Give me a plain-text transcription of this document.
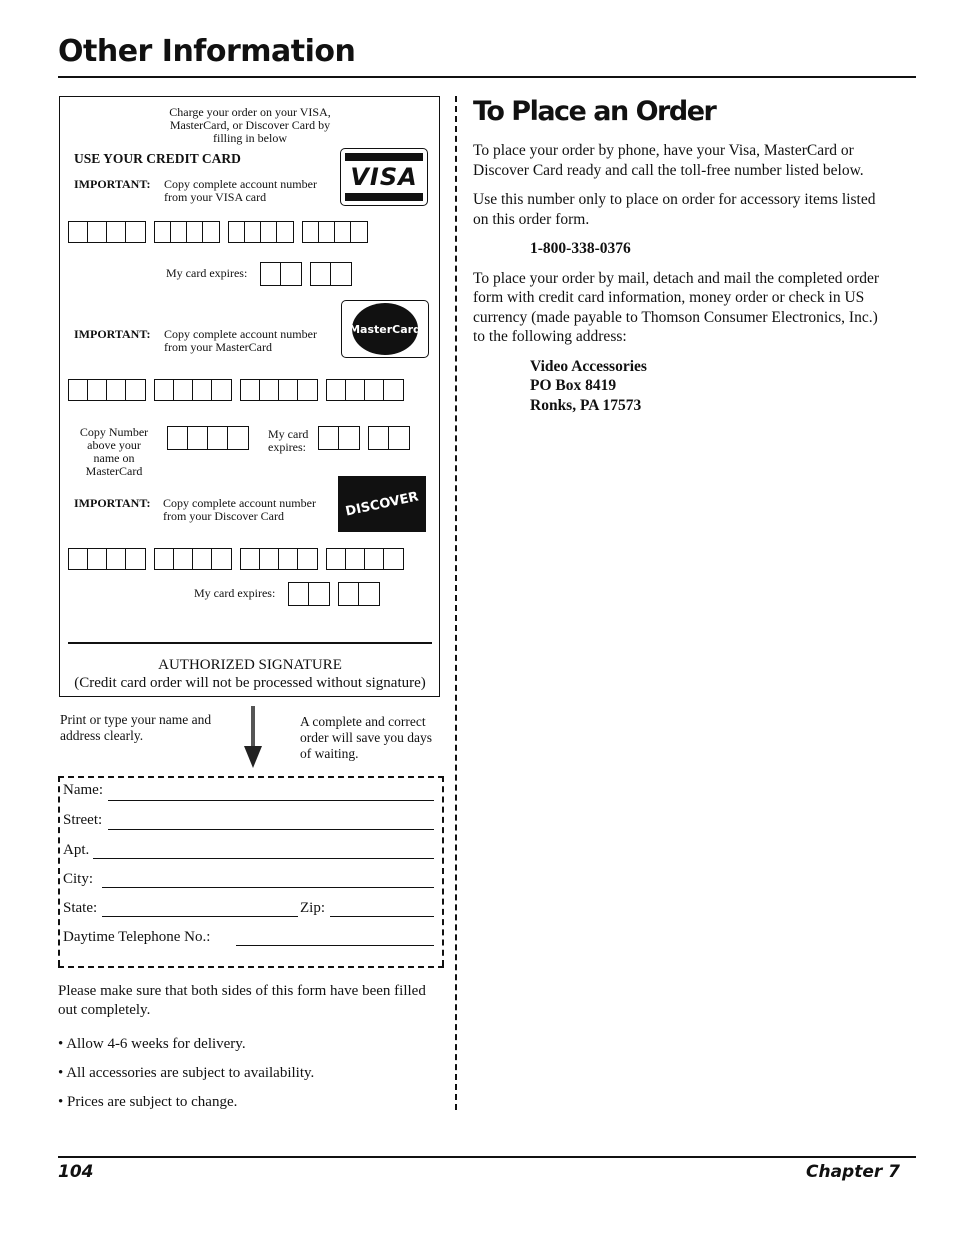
Other Information
Charge your order on your VISA,
MasterCard, or Discover Card by
filling in below
USE YOUR CREDIT CARD
IMPORTANT: Copy complete account number
from your VISA card
VISA
My card expires:
IMPORTANT: Copy complete account number
from your MasterCard
MasterCard
Copy Number
above your
name on
MasterCard
My card
expires:
IMPORTANT: Copy complete account number
from your Discover Card	DISCOVER
My card expires:
AUTHORIZED SIGNATURE
(Credit card order will not be processed without signature)
Print or type your name and
address clearly.
A complete and correct
order will save you days
of waiting.
Name:
Street:
Apt.
City:
State:	Zip:
Daytime Telephone No.:
Please make sure that both sides of this form have been filled out completely.
• Allow 4-6 weeks for delivery.
• All accessories are subject to availability.
• Prices are subject to change.
To Place an Order

To place your order by phone, have your Visa, MasterCard or Discover Card ready and call the toll-free number listed below.

Use this number only to place on order for accessory items listed on this order form.

1-800-338-0376

To place your order by mail, detach and mail the completed order form with credit card information, money order or check in US currency (made payable to Thomson Consumer Electronics, Inc.) to the following address:

Video Accessories
PO Box 8419
Ronks, PA 17573
104	Chapter 7
